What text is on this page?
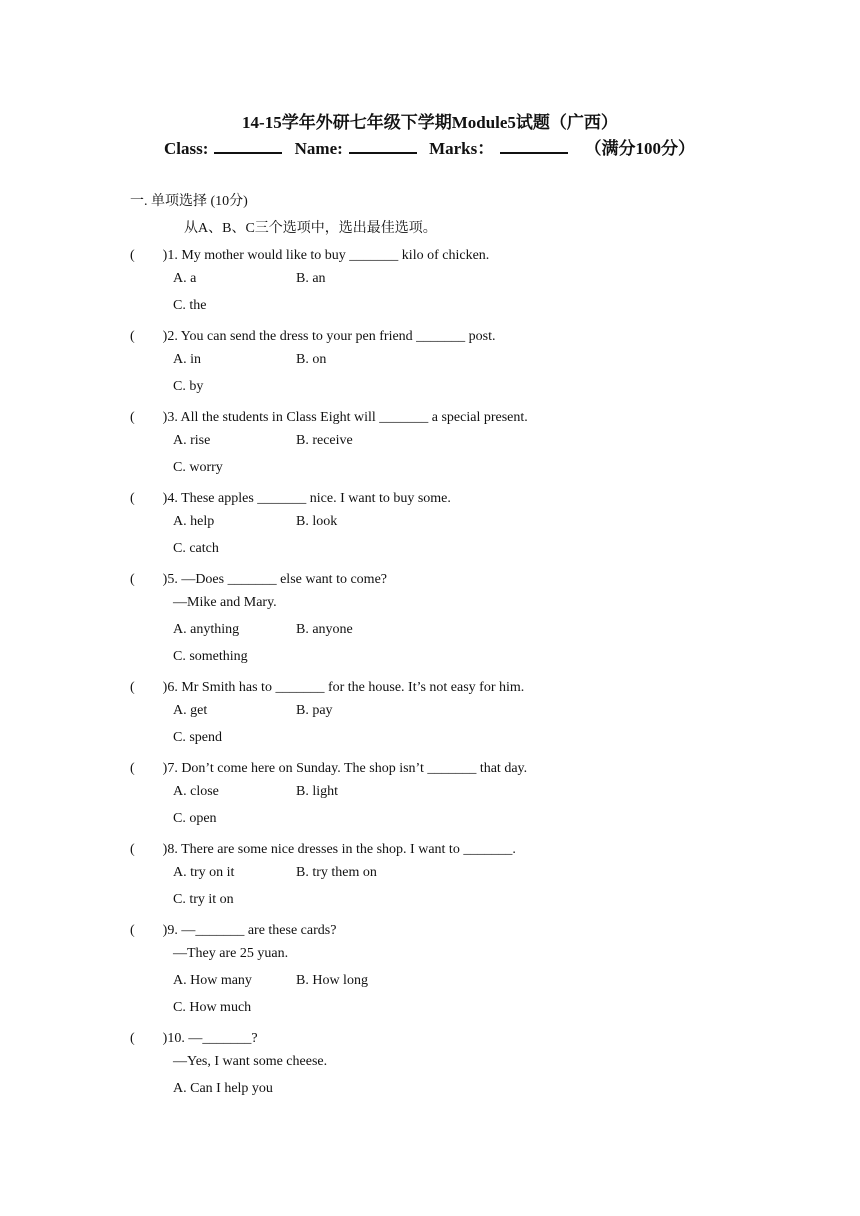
14-15学年外研七年级下学期Module5试题（广西）
Class:	Name:	Marks：	（满分100分）
一. 单项选择 (10分)
从A、B、C三个选项中，选出最佳选项。
(　　)1. My mother would like to buy _______ kilo of chicken.
A. a	B. an
C. the
(　　)2. You can send the dress to your pen friend _______ post.
A. in	B. on
C. by
(　　)3. All the students in Class Eight will _______ a special present.
A. rise	B. receive
C. worry
(　　)4. These apples _______ nice. I want to buy some.
A. help	B. look
C. catch
(　　)5. —Does _______ else want to come?
—Mike and Mary.
A. anything	B. anyone
C. something
(　　)6. Mr Smith has to _______ for the house. It’s not easy for him.
A. get	B. pay
C. spend
(　　)7. Don’t come here on Sunday. The shop isn’t _______ that day.
A. close	B. light
C. open
(　　)8. There are some nice dresses in the shop. I want to _______.
A. try on it	B. try them on
C. try it on
(　　)9. —_______ are these cards?
—They are 25 yuan.
A. How many	B. How long
C. How much
(　　)10. —_______?
—Yes, I want some cheese.
A. Can I help you
